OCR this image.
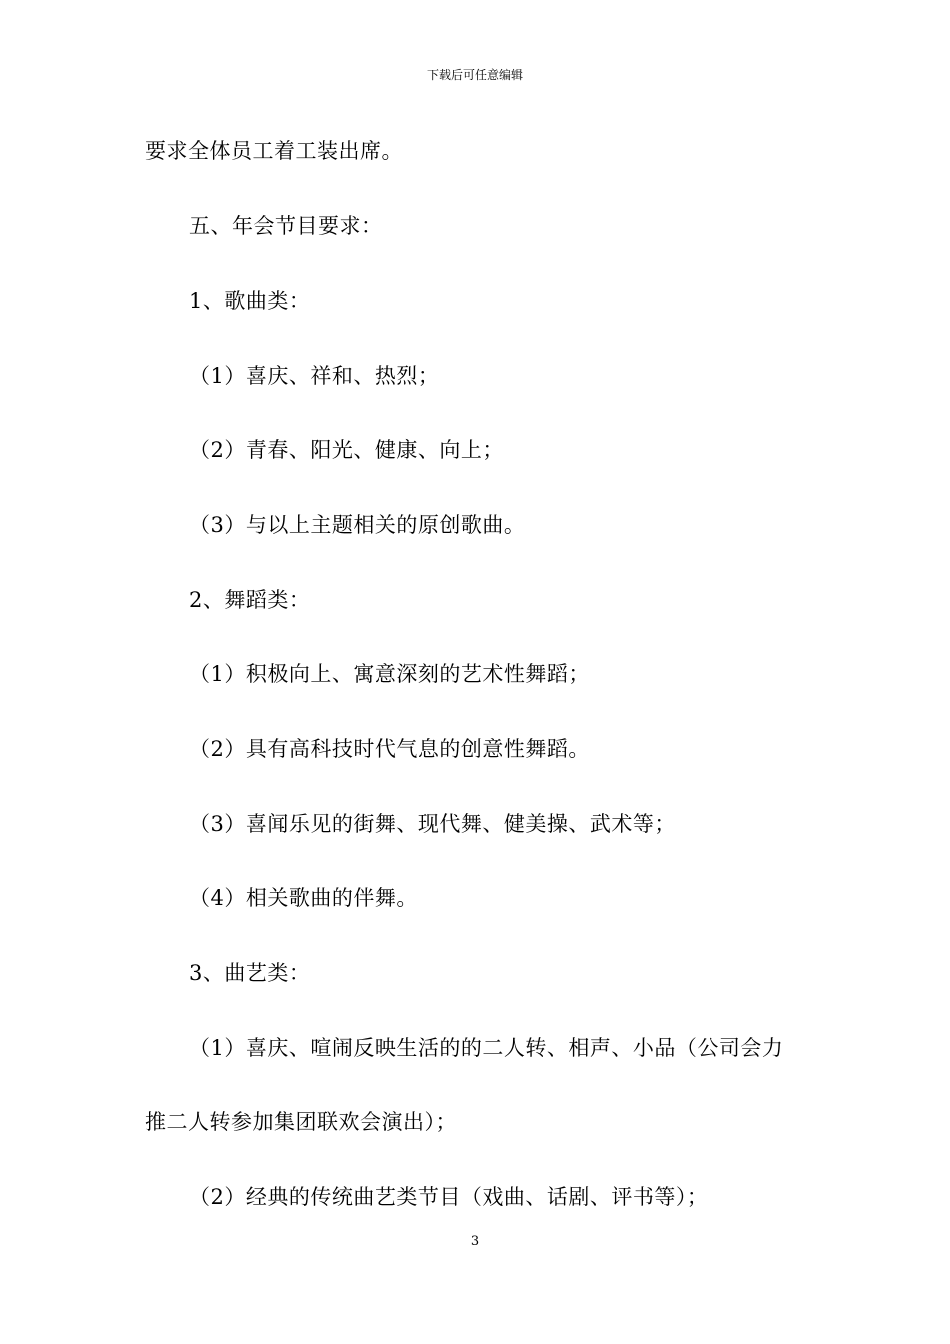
下载后可任意编辑
要求全体员工着工装出席。
五、年会节目要求：
1、歌曲类：
（1）喜庆、祥和、热烈；
（2）青春、阳光、健康、向上；
（3）与以上主题相关的原创歌曲。
2、舞蹈类：
（1）积极向上、寓意深刻的艺术性舞蹈；
（2）具有高科技时代气息的创意性舞蹈。
（3）喜闻乐见的街舞、现代舞、健美操、武术等；
（4）相关歌曲的伴舞。
3、曲艺类：
（1）喜庆、喧闹反映生活的的二人转、相声、小品（公司会力
推二人转参加集团联欢会演出）；
（2）经典的传统曲艺类节目（戏曲、话剧、评书等）；
3
